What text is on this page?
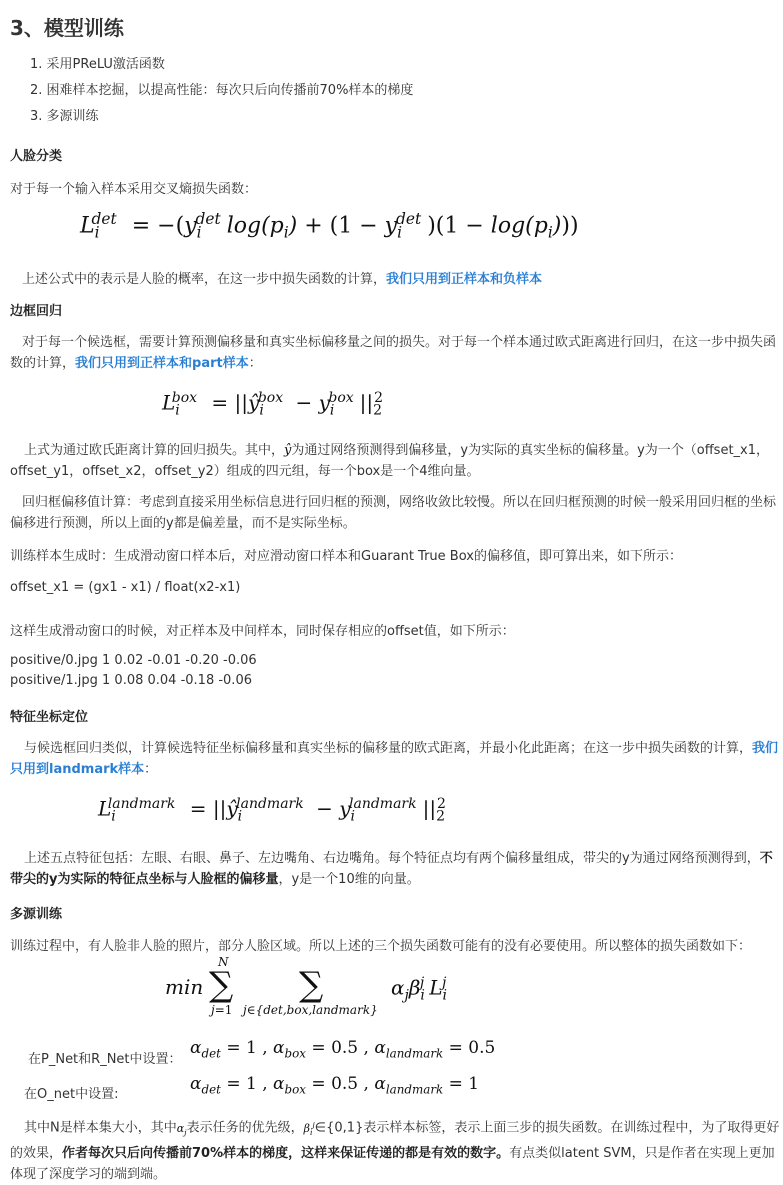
3、模型训练
1. 采用PReLU激活函数
2. 困难样本挖掘，以提高性能：每次只后向传播前70%样本的梯度
3. 多源训练
人脸分类
对于每一个输入样本采用交叉熵损失函数：
$L_i^{det} = -(y_i^{det}$ $\log(p_i) + (1 - y_i^{det}$ )$(1 - \log(p_i))$)
上述公式中的表示是人脸的概率，在这一步中损失函数的计算，我们只用到正样本和负样本
边框回归
对于每一个候选框，需要计算预测偏移量和真实坐标偏移量之间的损失。对于每一个样本通过欧式距离进行回归，在这一步中损失函数的计算，我们只用到正样本和part样本：
$L_i^{box}$ = $||ŷ_i^{box} - y_i^{box}$ $||_2^2$
上式为通过欧氏距离计算的回归损失。其中，ŷ为通过网络预测得到偏移量，y为实际的真实坐标的偏移量。y为一个（offset_x1，offset_y1，offset_x2，offset_y2）组成的四元组，每一个box是一个4维向量。
回归框偏移值计算：考虑到直接采用坐标信息进行回归框的预测，网络收敛比较慢。所以在回归框预测的时候一般采用回归框的坐标偏移进行预测，所以上面的y都是偏差量，而不是实际坐标。
训练样本生成时：生成滑动窗口样本后，对应滑动窗口样本和Guarant True Box的偏移值，即可算出来，如下所示：
offset_x1 = (gx1 - x1) / float(x2-x1)
这样生成滑动窗口的时候，对正样本及中间样本，同时保存相应的offset值，如下所示：
positive/0.jpg 1 0.02 -0.01 -0.20 -0.06
positive/1.jpg 1 0.08 0.04 -0.18 -0.06
特征坐标定位
与候选框回归类似，计算候选特征坐标偏移量和真实坐标的偏移量的欧式距离，并最小化此距离；在这一步中损失函数的计算，我们只用到landmark样本：
$L_i^{landmark}$ = $||ŷ_i^{landmark} - y_i^{landmark}$ $||_2^2$
上述五点特征包括：左眼、右眼、鼻子、左边嘴角、右边嘴角。每个特征点均有两个偏移量组成，带尖的y为通过网络预测得到，不带尖的y为实际的特征点坐标与人脸框的偏移量，y是一个10维的向量。
多源训练
训练过程中，有人脸非人脸的照片，部分人脸区域。所以上述的三个损失函数可能有的没有必要使用。所以整体的损失函数如下：
min
N
∑
j=1
∑
j∈{det,box,landmark}
$\alpha_j\beta_i^j$ $L_i^j$
在P_Net和R_Net中设置：
$\alpha_{det} = 1$ , $\alpha_{box} = 0.5$ , $\alpha_{landmark} = 0.5$
在O_net中设置:
$\alpha_{det} = 1$ , $\alpha_{box} = 0.5$ , $\alpha_{landmark} = 1$
其中N是样本集大小，其中$\alpha_j$表示任务的优先级，$\beta_i^j\in\{0,1\}$表示样本标签，表示上面三步的损失函数。在训练过程中，为了取得更好的效果，作者每次只后向传播前70%样本的梯度，这样来保证传递的都是有效的数字。有点类似latent SVM，只是作者在实现上更加体现了深度学习的端到端。
